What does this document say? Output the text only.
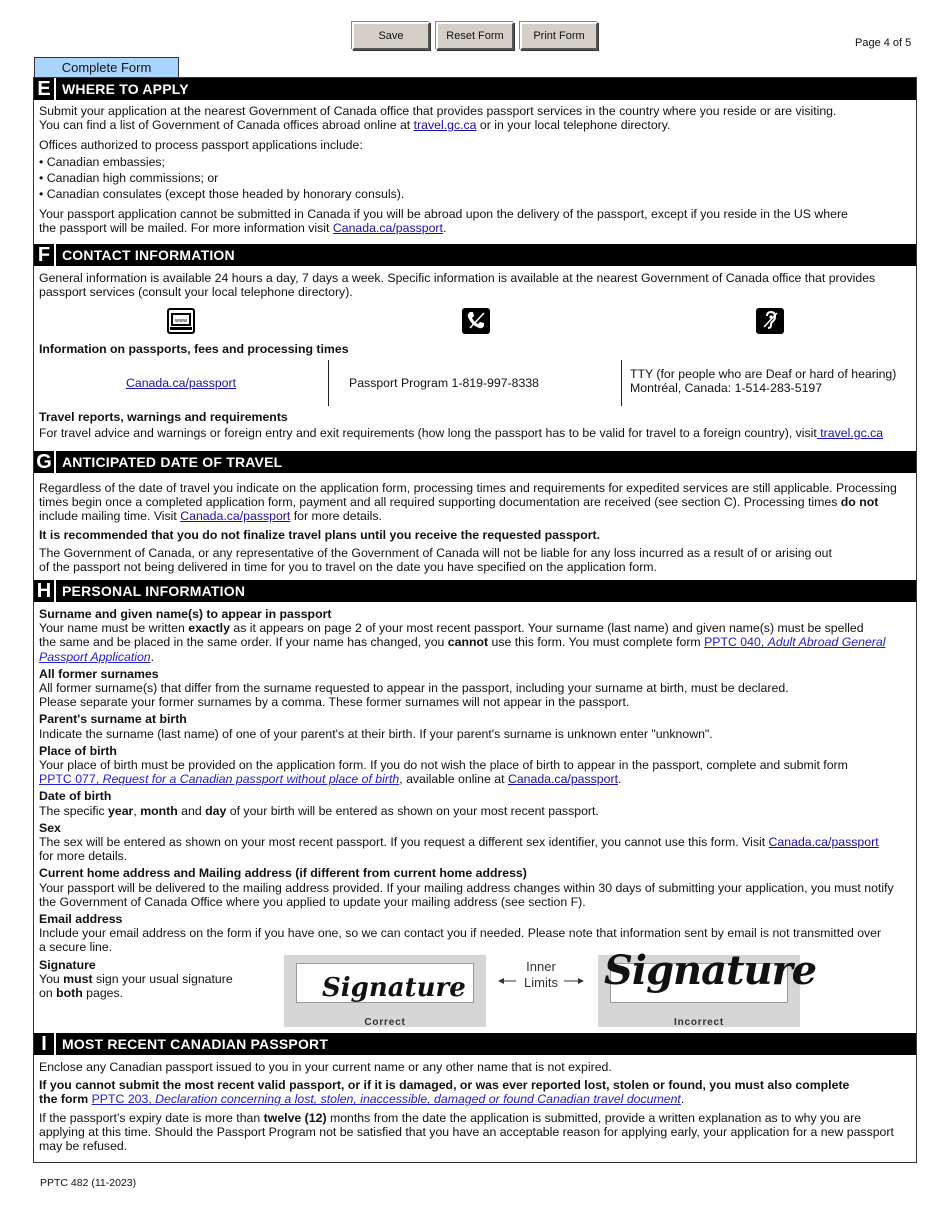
Save	Reset Form	Print Form
Page 4 of 5
Complete Form
E WHERE TO APPLY
Submit your application at the nearest Government of Canada office that provides passport services in the country where you reside or are visiting.
You can find a list of Government of Canada offices abroad online at travel.gc.ca or in your local telephone directory.
Offices authorized to process passport applications include:
• Canadian embassies;
• Canadian high commissions; or
• Canadian consulates (except those headed by honorary consuls).
Your passport application cannot be submitted in Canada if you will be abroad upon the delivery of the passport, except if you reside in the US where
the passport will be mailed. For more information visit Canada.ca/passport.
F CONTACT INFORMATION
General information is available 24 hours a day, 7 days a week. Specific information is available at the nearest Government of Canada office that provides
passport services (consult your local telephone directory).
www
Information on passports, fees and processing times
Canada.ca/passport	Passport Program 1-819-997-8338
TTY (for people who are Deaf or hard of hearing)
Montréal, Canada: 1-514-283-5197
Travel reports, warnings and requirements
For travel advice and warnings or foreign entry and exit requirements (how long the passport has to be valid for travel to a foreign country), visit travel.gc.ca
G ANTICIPATED DATE OF TRAVEL
Regardless of the date of travel you indicate on the application form, processing times and requirements for expedited services are still applicable. Processing
times begin once a completed application form, payment and all required supporting documentation are received (see section C). Processing times do not
include mailing time. Visit Canada.ca/passport for more details.
It is recommended that you do not finalize travel plans until you receive the requested passport.
The Government of Canada, or any representative of the Government of Canada will not be liable for any loss incurred as a result of or arising out
of the passport not being delivered in time for you to travel on the date you have specified on the application form.
H PERSONAL INFORMATION
Surname and given name(s) to appear in passport
Your name must be written exactly as it appears on page 2 of your most recent passport. Your surname (last name) and given name(s) must be spelled
the same and be placed in the same order. If your name has changed, you cannot use this form. You must complete form PPTC 040, Adult Abroad General
Passport Application.
All former surnames
All former surname(s) that differ from the surname requested to appear in the passport, including your surname at birth, must be declared.
Please separate your former surnames by a comma. These former surnames will not appear in the passport.
Parent's surname at birth
Indicate the surname (last name) of one of your parent's at their birth. If your parent's surname is unknown enter "unknown".
Place of birth
Your place of birth must be provided on the application form. If you do not wish the place of birth to appear in the passport, complete and submit form
PPTC 077, Request for a Canadian passport without place of birth, available online at Canada.ca/passport.
Date of birth
The specific year, month and day of your birth will be entered as shown on your most recent passport.
Sex
The sex will be entered as shown on your most recent passport. If you request a different sex identifier, you cannot use this form. Visit Canada.ca/passport
for more details.
Current home address and Mailing address (if different from current home address)
Your passport will be delivered to the mailing address provided. If your mailing address changes within 30 days of submitting your application, you must notify
the Government of Canada Office where you applied to update your mailing address (see section F).
Email address
Include your email address on the form if you have one, so we can contact you if needed. Please note that information sent by email is not transmitted over
a secure line.
Signature
You must sign your usual signature
on both pages.	Signature
Correct
Inner
Limits Signature
Incorrect
I	MOST RECENT CANADIAN PASSPORT
Enclose any Canadian passport issued to you in your current name or any other name that is not expired.
If you cannot submit the most recent valid passport, or if it is damaged, or was ever reported lost, stolen or found, you must also complete
the form PPTC 203, Declaration concerning a lost, stolen, inaccessible, damaged or found Canadian travel document.
If the passport’s expiry date is more than twelve (12) months from the date the application is submitted, provide a written explanation as to why you are
applying at this time. Should the Passport Program not be satisfied that you have an acceptable reason for applying early, your application for a new passport
may be refused.
PPTC 482 (11-2023)
